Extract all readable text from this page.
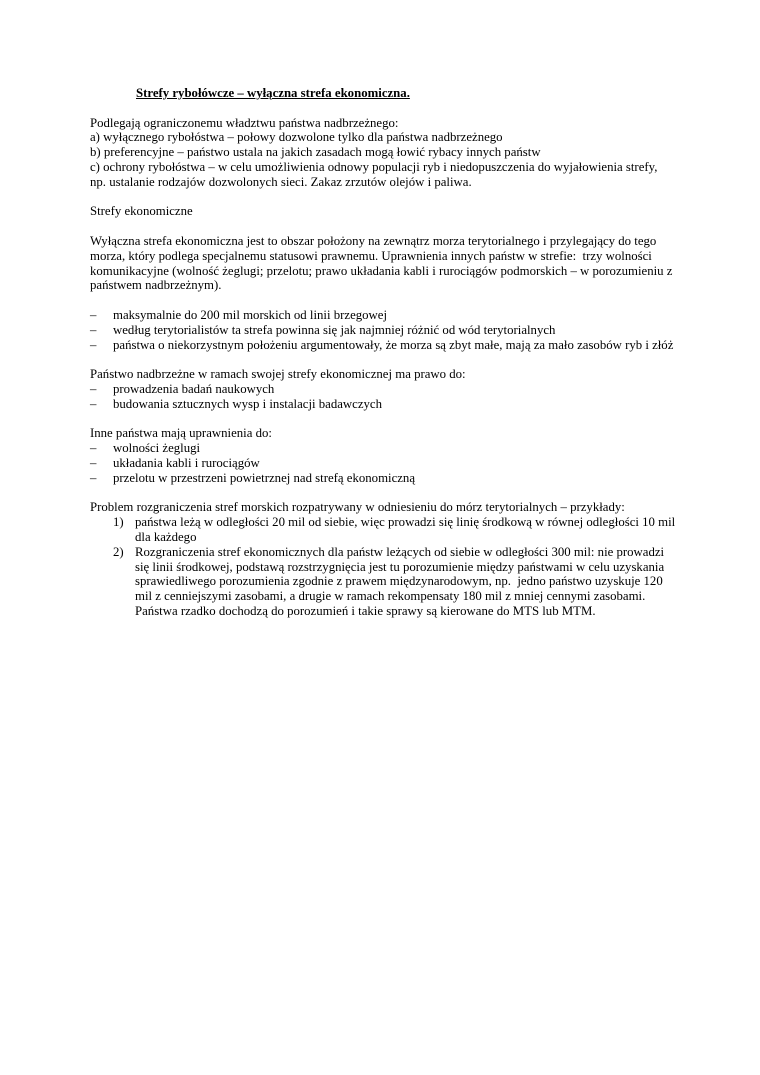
Strefy rybołówcze – wyłączna strefa ekonomiczna.

Podlegają ograniczonemu władztwu państwa nadbrzeżnego:

a) wyłącznego rybołóstwa – połowy dozwolone tylko dla państwa nadbrzeżnego

b) preferencyjne – państwo ustala na jakich zasadach mogą łowić rybacy innych państw

c) ochrony rybołóstwa – w celu umożliwienia odnowy populacji ryb i niedopuszczenia do wyjałowienia strefy, np. ustalanie rodzajów dozwolonych sieci. Zakaz zrzutów olejów i paliwa.

Strefy ekonomiczne

Wyłączna strefa ekonomiczna jest to obszar położony na zewnątrz morza terytorialnego i przylegający do tego morza, który podlega specjalnemu statusowi prawnemu. Uprawnienia innych państw w strefie:  trzy wolności komunikacyjne (wolność żeglugi; przelotu; prawo układania kabli i rurociągów podmorskich – w porozumieniu z państwem nadbrzeżnym).

–	maksymalnie do 200 mil morskich od linii brzegowej
–	według terytorialistów ta strefa powinna się jak najmniej różnić od wód terytorialnych
–	państwa o niekorzystnym położeniu argumentowały, że morza są zbyt małe, mają za mało zasobów ryb i złóż

Państwo nadbrzeżne w ramach swojej strefy ekonomicznej ma prawo do:

–	prowadzenia badań naukowych
–	budowania sztucznych wysp i instalacji badawczych

Inne państwa mają uprawnienia do:

–	wolności żeglugi
–	układania kabli i rurociągów
–	przelotu w przestrzeni powietrznej nad strefą ekonomiczną

Problem rozgraniczenia stref morskich rozpatrywany w odniesieniu do mórz terytorialnych – przykłady:

1) państwa leżą w odległości 20 mil od siebie, więc prowadzi się linię środkową w równej odległości 10 mil dla każdego
2) Rozgraniczenia stref ekonomicznych dla państw leżących od siebie w odległości 300 mil: nie prowadzi się linii środkowej, podstawą rozstrzygnięcia jest tu porozumienie między państwami w celu uzyskania sprawiedliwego porozumienia zgodnie z prawem międzynarodowym, np.  jedno państwo uzyskuje 120 mil z cenniejszymi zasobami, a drugie w ramach rekompensaty 180 mil z mniej cennymi zasobami. Państwa rzadko dochodzą do porozumień i takie sprawy są kierowane do MTS lub MTM.
